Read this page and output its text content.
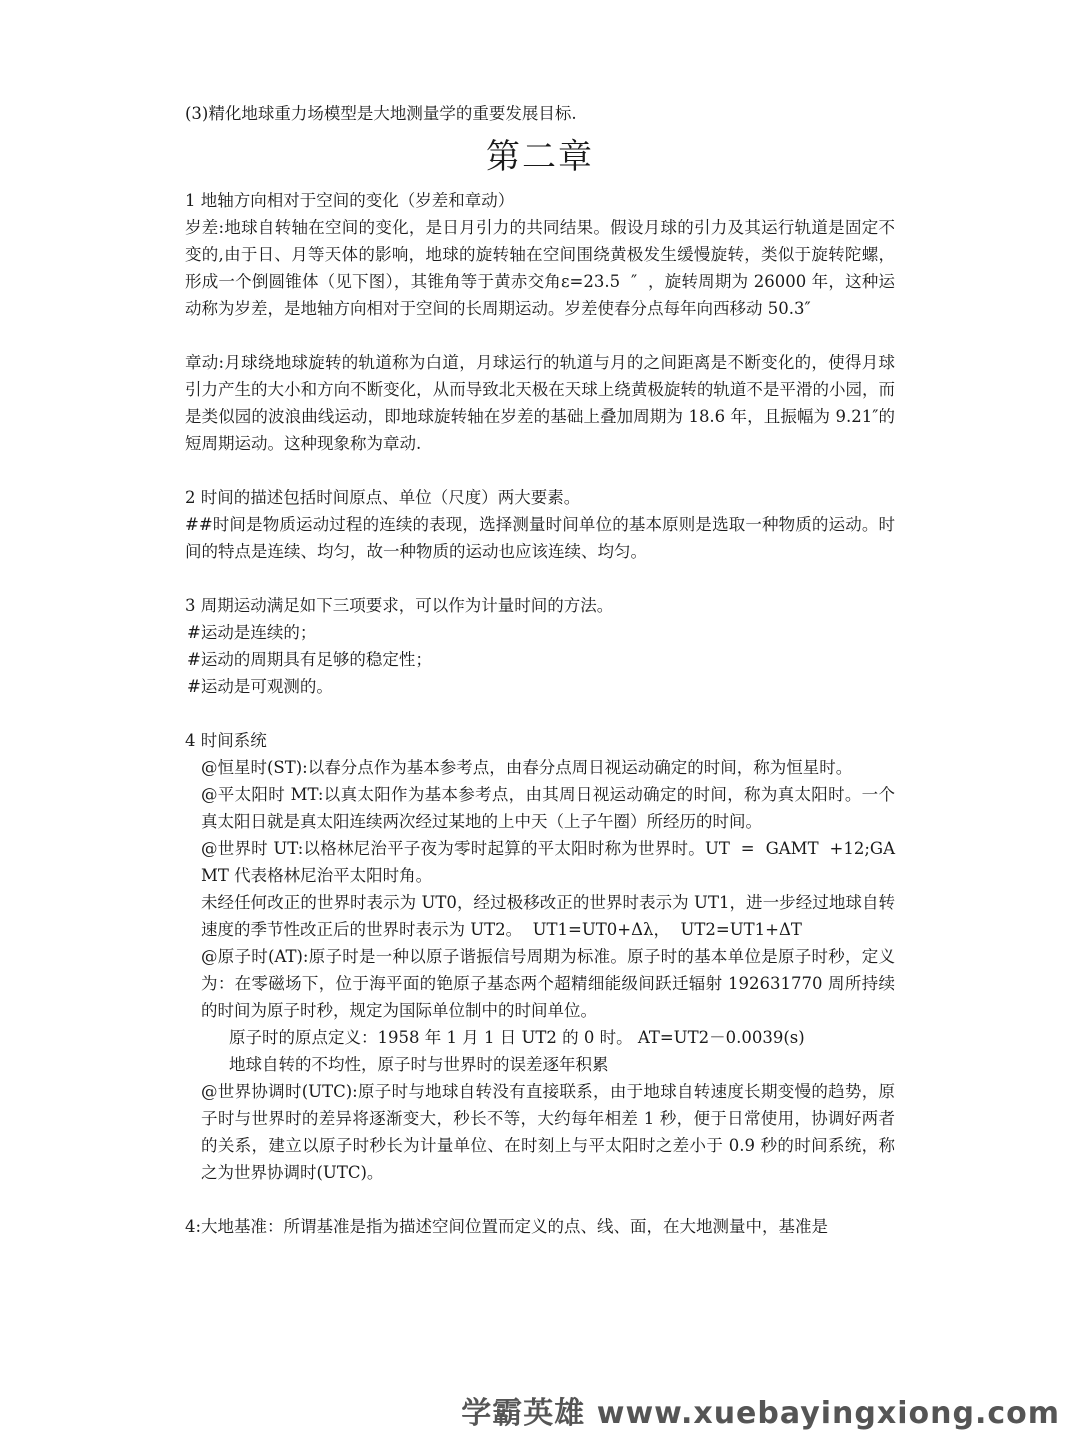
(3)精化地球重力场模型是大地测量学的重要发展目标.
第二章
1 地轴方向相对于空间的变化（岁差和章动）
岁差:地球自转轴在空间的变化，是日月引力的共同结果。假设月球的引力及其运行轨道是固定不变的,由于日、月等天体的影响，地球的旋转轴在空间围绕黄极发生缓慢旋转，类似于旋转陀螺，形成一个倒圆锥体（见下图），其锥角等于黄赤交角ε=23.5  ″  ，旋转周期为 26000 年，这种运动称为岁差，是地轴方向相对于空间的长周期运动。岁差使春分点每年向西移动 50.3″
章动:月球绕地球旋转的轨道称为白道，月球运行的轨道与月的之间距离是不断变化的，使得月球引力产生的大小和方向不断变化，从而导致北天极在天球上绕黄极旋转的轨道不是平滑的小园，而是类似园的波浪曲线运动，即地球旋转轴在岁差的基础上叠加周期为 18.6 年，且振幅为 9.21″的短周期运动。这种现象称为章动.
2 时间的描述包括时间原点、单位（尺度）两大要素。
##时间是物质运动过程的连续的表现，选择测量时间单位的基本原则是选取一种物质的运动。时间的特点是连续、均匀，故一种物质的运动也应该连续、均匀。
3 周期运动满足如下三项要求，可以作为计量时间的方法。
#运动是连续的；
#运动的周期具有足够的稳定性；
#运动是可观测的。
4 时间系统
@恒星时(ST):以春分点作为基本参考点，由春分点周日视运动确定的时间，称为恒星时。
@平太阳时 MT:以真太阳作为基本参考点，由其周日视运动确定的时间，称为真太阳时。一个真太阳日就是真太阳连续两次经过某地的上中天（上子午圈）所经历的时间。
@世界时 UT:以格林尼治平子夜为零时起算的平太阳时称为世界时。UT  =  GAMT  +12;GAMT 代表格林尼治平太阳时角。
未经任何改正的世界时表示为 UT0，经过极移改正的世界时表示为 UT1，进一步经过地球自转速度的季节性改正后的世界时表示为 UT2。  UT1=UT0+Δλ，  UT2=UT1+ΔT
@原子时(AT):原子时是一种以原子谐振信号周期为标准。原子时的基本单位是原子时秒，定义为：在零磁场下，位于海平面的铯原子基态两个超精细能级间跃迁辐射 192631770 周所持续的时间为原子时秒，规定为国际单位制中的时间单位。
原子时的原点定义：1958 年 1 月 1 日 UT2 的 0 时。 AT=UT2－0.0039(s)
地球自转的不均性，原子时与世界时的误差逐年积累
@世界协调时(UTC):原子时与地球自转没有直接联系，由于地球自转速度长期变慢的趋势，原子时与世界时的差异将逐渐变大，秒长不等，大约每年相差 1 秒，便于日常使用，协调好两者的关系，建立以原子时秒长为计量单位、在时刻上与平太阳时之差小于 0.9 秒的时间系统，称之为世界协调时(UTC)。
4:大地基准：所谓基准是指为描述空间位置而定义的点、线、面，在大地测量中，基准是
学霸英雄 www.xuebayingxiong.com
